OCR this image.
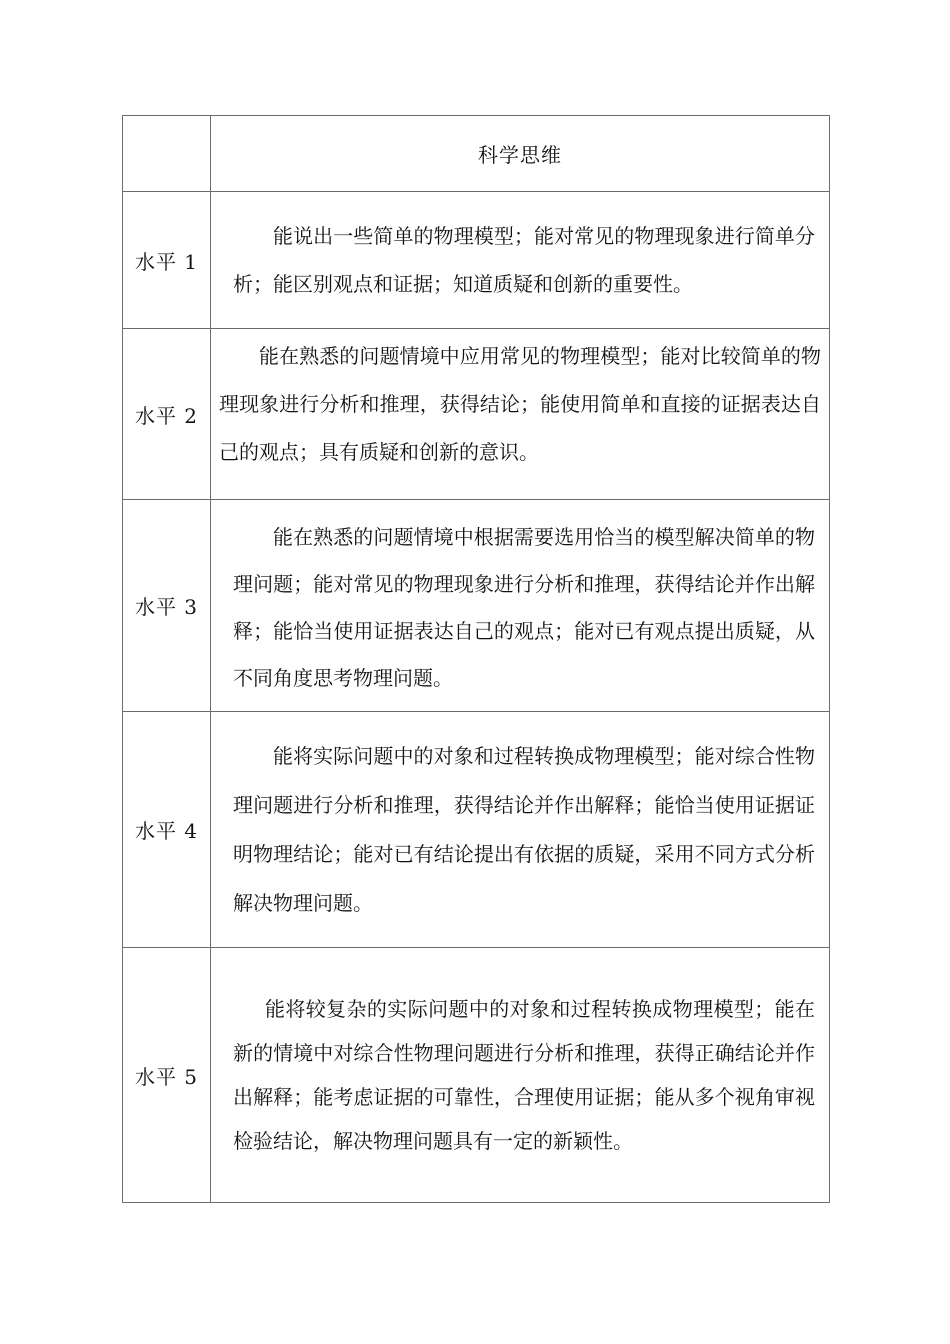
	科学思维
水平 1	能说出一些简单的物理模型；能对常见的物理现象进行简单分析；能区别观点和证据；知道质疑和创新的重要性。

水平 2	能在熟悉的问题情境中应用常见的物理模型；能对比较简单的物理现象进行分析和推理，获得结论；能使用简单和直接的证据表达自己的观点；具有质疑和创新的意识。

水平 3	能在熟悉的问题情境中根据需要选用恰当的模型解决简单的物理问题；能对常见的物理现象进行分析和推理，获得结论并作出解释；能恰当使用证据表达自己的观点；能对已有观点提出质疑，从不同角度思考物理问题。

水平 4	能将实际问题中的对象和过程转换成物理模型；能对综合性物理问题进行分析和推理，获得结论并作出解释；能恰当使用证据证明物理结论；能对已有结论提出有依据的质疑，采用不同方式分析解决物理问题。

水平 5	能将较复杂的实际问题中的对象和过程转换成物理模型；能在新的情境中对综合性物理问题进行分析和推理，获得正确结论并作出解释；能考虑证据的可靠性，合理使用证据；能从多个视角审视检验结论，解决物理问题具有一定的新颖性。
